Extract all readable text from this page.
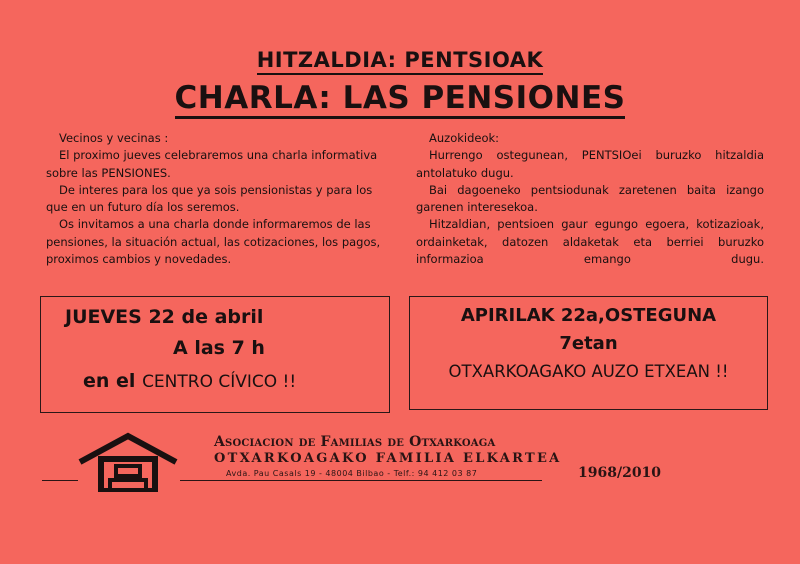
HITZALDIA: PENTSIOAK
CHARLA: LAS PENSIONES

Vecinos y vecinas :

El proximo jueves celebraremos una charla informativa

sobre las PENSIONES.

De interes para los que ya sois pensionistas y para los

que en un futuro día los seremos.

Os invitamos a una charla donde informaremos de las

pensiones, la situación actual, las cotizaciones, los pagos,

proximos cambios y novedades.

Auzokideok:

Hurrengo ostegunean, PENTSIOei buruzko hitzaldia

antolatuko dugu.

Bai dagoeneko pentsiodunak zaretenen baita izango

garenen interesekoa.

Hitzaldian, pentsioen gaur egungo egoera, kotizazioak,

ordainketak, datozen aldaketak eta berriei buruzko

informazioa emango dugu.

JUEVES 22 de abril
A las 7 h
en el CENTRO CÍVICO !!
APIRILAK 22a,OSTEGUNA
7etan
OTXARKOAGAKO AUZO ETXEAN !!
Asociacion de Familias de Otxarkoaga
OTXARKOAGAKO FAMILIA ELKARTEA
Avda. Pau Casals 19 - 48004 Bilbao - Telf.: 94 412 03 87	1968/2010
